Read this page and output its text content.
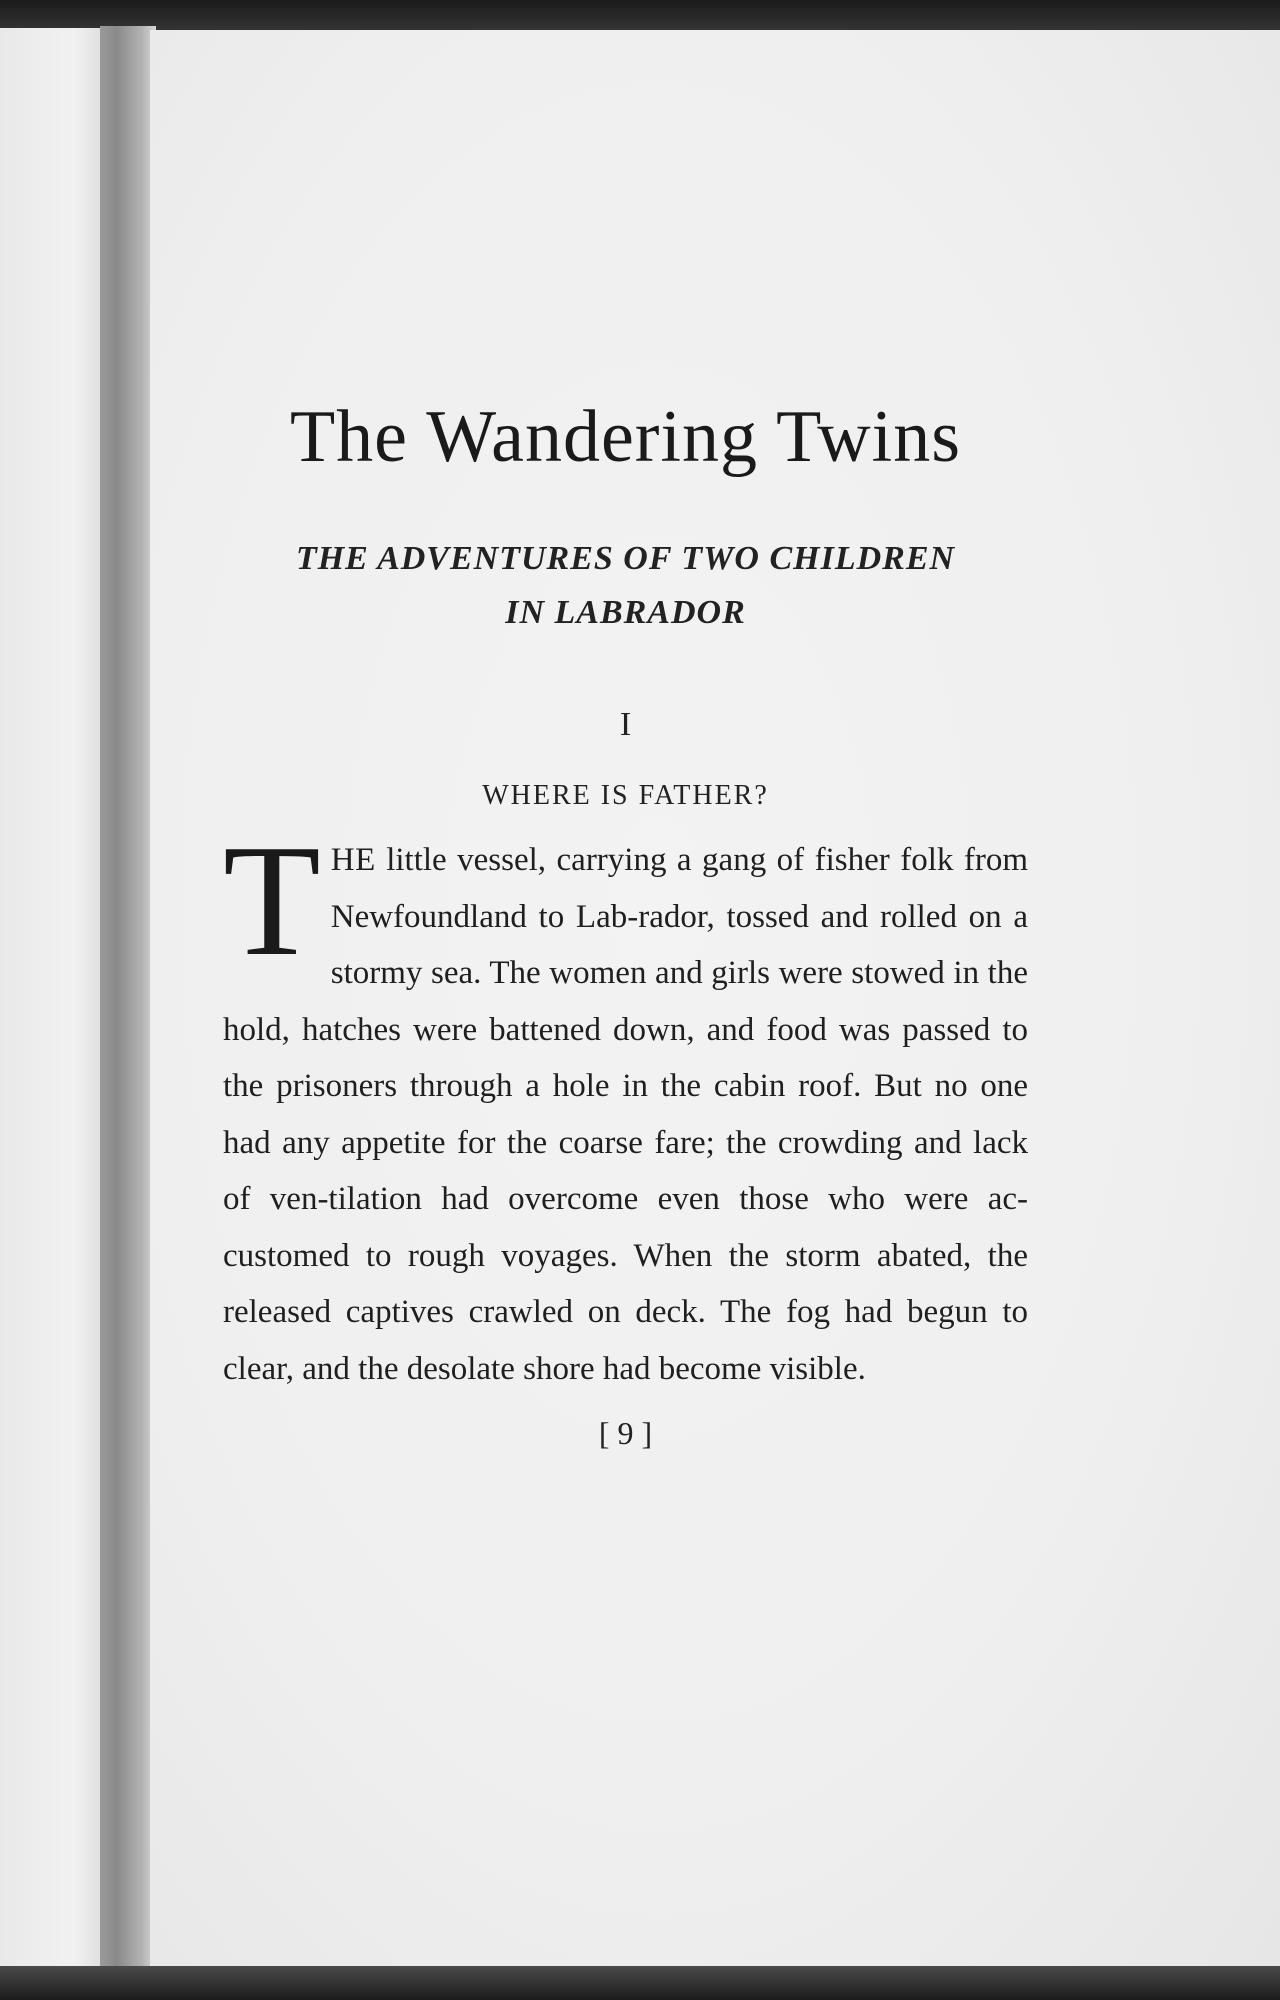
The Wandering Twins
THE ADVENTURES OF TWO CHILDREN
IN LABRADOR
I
WHERE IS FATHER?

THE little vessel, carrying a gang of fisher folk from Newfoundland to Lab-rador, tossed and rolled on a stormy sea. The women and girls were stowed in the hold, hatches were battened down, and food was passed to the prisoners through a hole in the cabin roof. But no one had any appetite for the coarse fare; the crowding and lack of ven-tilation had overcome even those who were ac-customed to rough voyages. When the storm abated, the released captives crawled on deck. The fog had begun to clear, and the desolate shore had become visible.

[ 9 ]
